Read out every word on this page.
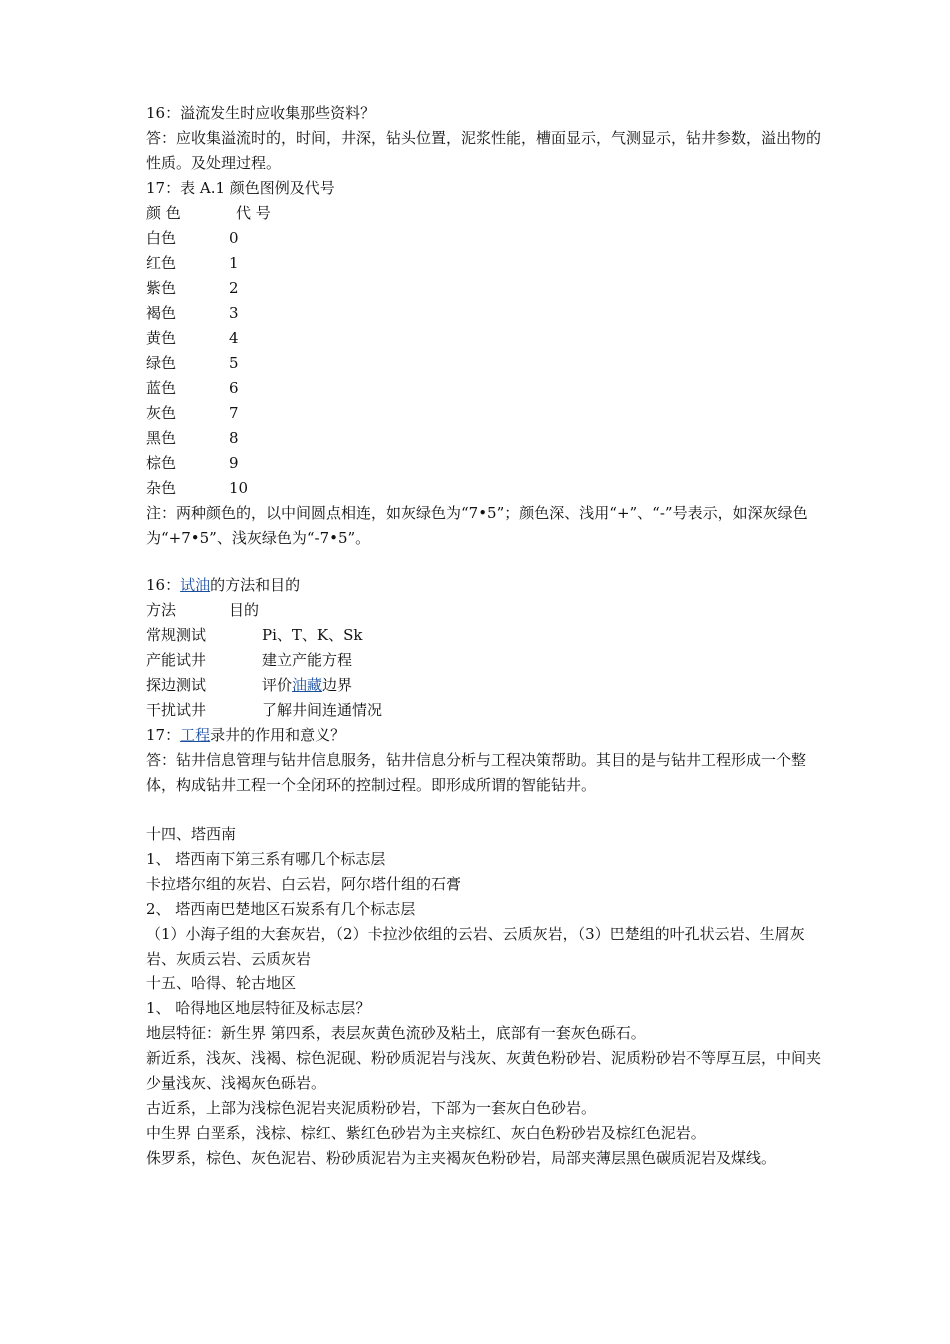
16：溢流发生时应收集那些资料？
答：应收集溢流时的，时间，井深，钻头位置，泥浆性能，槽面显示，气测显示，钻井参数，溢出物的性质。及处理过程。
17：表 A.1 颜色图例及代号
颜 色	代 号
白色	0
红色	1
紫色	2
褐色	3
黄色	4
绿色	5
蓝色	6
灰色	7
黑色	8
棕色	9
杂色	10
注：两种颜色的，以中间圆点相连，如灰绿色为“7•5”；颜色深、浅用“+”、“-”号表示，如深灰绿色为“+7•5”、浅灰绿色为“-7•5”。
16：试油的方法和目的
方法	目的
常规测试	Pi、T、K、Sk
产能试井	建立产能方程
探边测试	评价油藏边界
干扰试井	了解井间连通情况
17：工程录井的作用和意义？
答：钻井信息管理与钻井信息服务，钻井信息分析与工程决策帮助。其目的是与钻井工程形成一个整体，构成钻井工程一个全闭环的控制过程。即形成所谓的智能钻井。
十四、塔西南
1、 塔西南下第三系有哪几个标志层
卡拉塔尔组的灰岩、白云岩，阿尔塔什组的石膏
2、 塔西南巴楚地区石炭系有几个标志层
（1）小海子组的大套灰岩，（2）卡拉沙依组的云岩、云质灰岩，（3）巴楚组的叶孔状云岩、生屑灰岩、灰质云岩、云质灰岩
十五、哈得、轮古地区
1、 哈得地区地层特征及标志层？
地层特征：新生界 第四系，表层灰黄色流砂及粘土，底部有一套灰色砾石。
新近系，浅灰、浅褐、棕色泥砚、粉砂质泥岩与浅灰、灰黄色粉砂岩、泥质粉砂岩不等厚互层，中间夹少量浅灰、浅褐灰色砾岩。
古近系，上部为浅棕色泥岩夹泥质粉砂岩，下部为一套灰白色砂岩。
中生界 白垩系，浅棕、棕红、紫红色砂岩为主夹棕红、灰白色粉砂岩及棕红色泥岩。
侏罗系，棕色、灰色泥岩、粉砂质泥岩为主夹褐灰色粉砂岩，局部夹薄层黑色碳质泥岩及煤线。
